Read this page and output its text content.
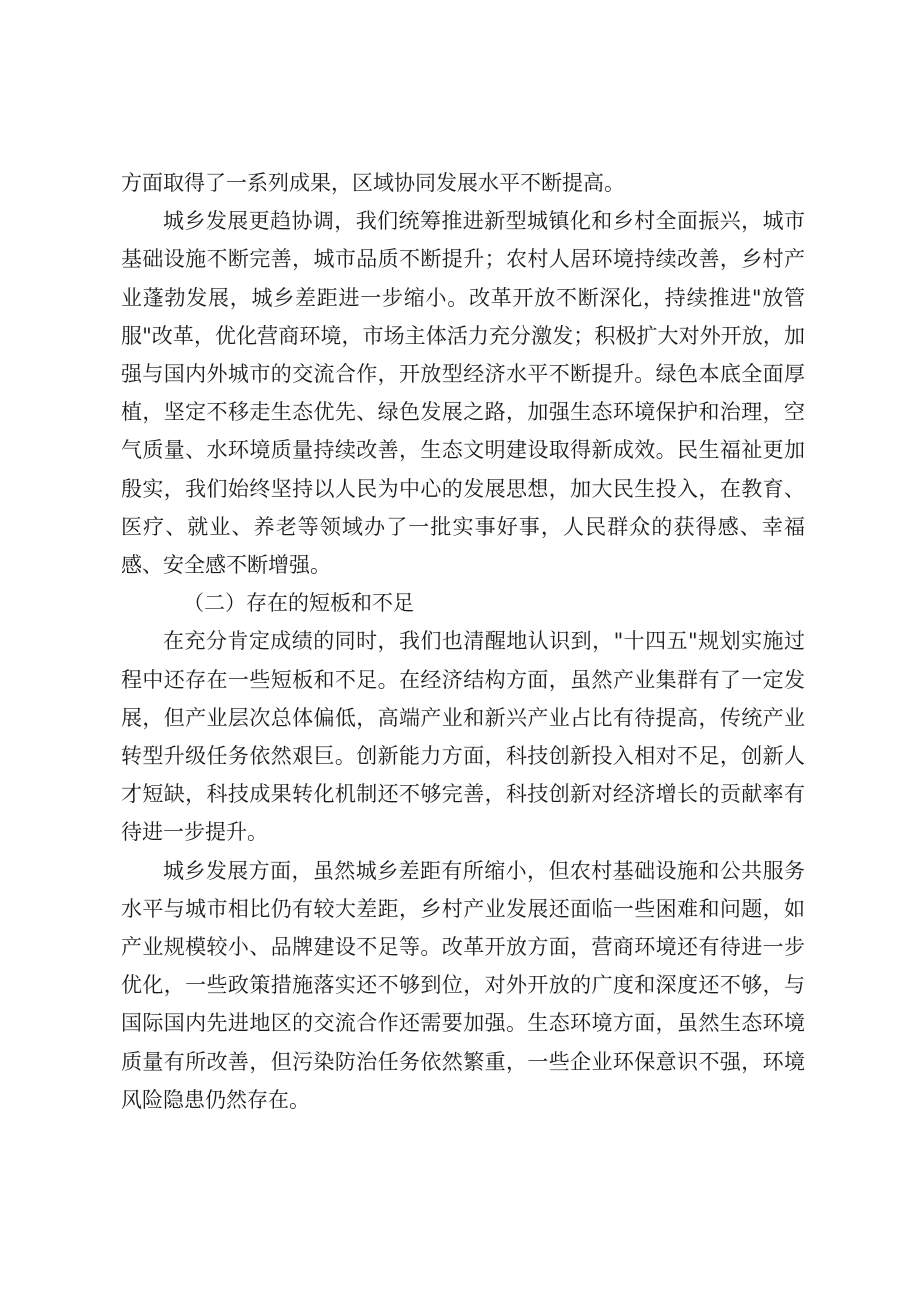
方面取得了一系列成果，区域协同发展水平不断提高。

城乡发展更趋协调，我们统筹推进新型城镇化和乡村全面振兴，城市基础设施不断完善，城市品质不断提升；农村人居环境持续改善，乡村产业蓬勃发展，城乡差距进一步缩小。改革开放不断深化，持续推进"放管服"改革，优化营商环境，市场主体活力充分激发；积极扩大对外开放，加强与国内外城市的交流合作，开放型经济水平不断提升。绿色本底全面厚植，坚定不移走生态优先、绿色发展之路，加强生态环境保护和治理，空气质量、水环境质量持续改善，生态文明建设取得新成效。民生福祉更加殷实，我们始终坚持以人民为中心的发展思想，加大民生投入，在教育、医疗、就业、养老等领域办了一批实事好事，人民群众的获得感、幸福感、安全感不断增强。

（二）存在的短板和不足

在充分肯定成绩的同时，我们也清醒地认识到，"十四五"规划实施过程中还存在一些短板和不足。在经济结构方面，虽然产业集群有了一定发展，但产业层次总体偏低，高端产业和新兴产业占比有待提高，传统产业转型升级任务依然艰巨。创新能力方面，科技创新投入相对不足，创新人才短缺，科技成果转化机制还不够完善，科技创新对经济增长的贡献率有待进一步提升。

城乡发展方面，虽然城乡差距有所缩小，但农村基础设施和公共服务水平与城市相比仍有较大差距，乡村产业发展还面临一些困难和问题，如产业规模较小、品牌建设不足等。改革开放方面，营商环境还有待进一步优化，一些政策措施落实还不够到位，对外开放的广度和深度还不够，与国际国内先进地区的交流合作还需要加强。生态环境方面，虽然生态环境质量有所改善，但污染防治任务依然繁重，一些企业环保意识不强，环境风险隐患仍然存在。
